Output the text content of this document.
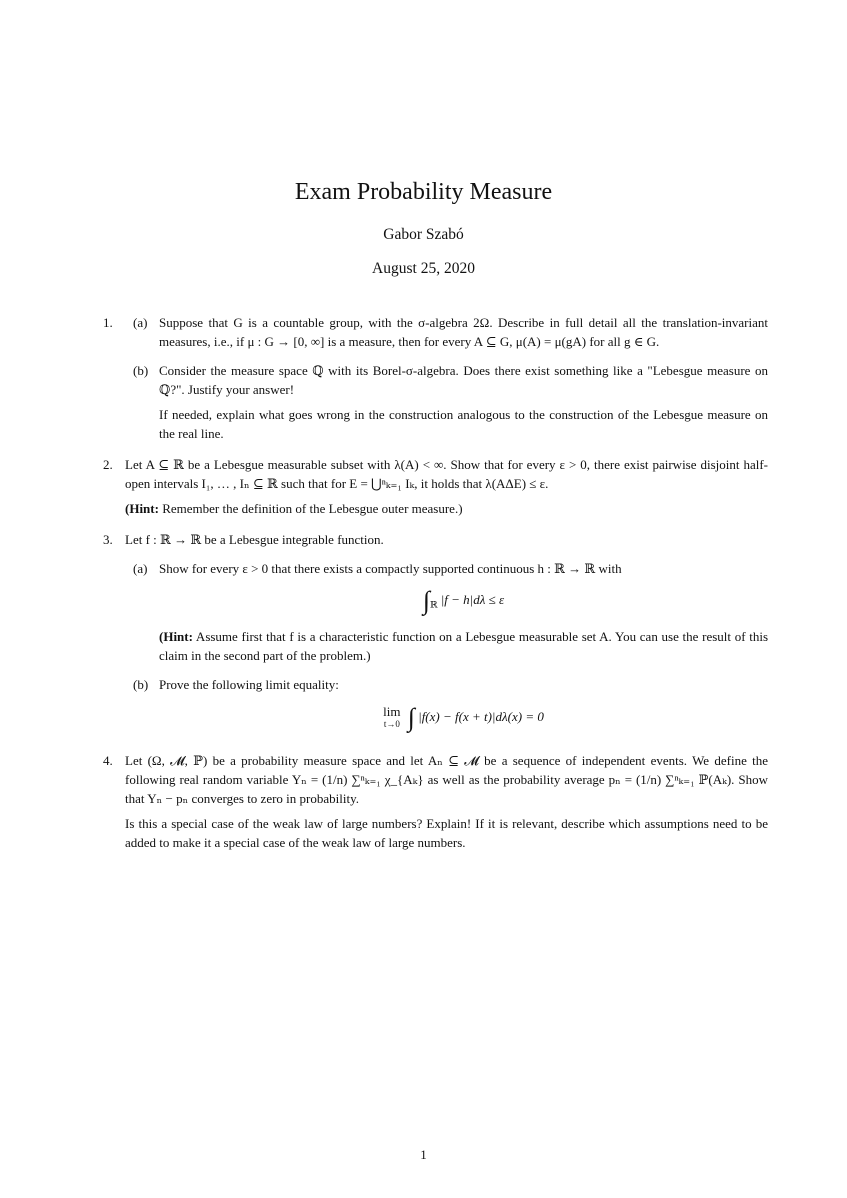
Exam Probability Measure
Gabor Szabó
August 25, 2020
1.	(a) Suppose that G is a countable group, with the σ-algebra 2Ω. Describe in full detail all the translation-invariant measures, i.e., if μ : G → [0, ∞] is a measure, then for every A ⊆ G, μ(A) = μ(gA) for all g ∈ G.

(b) Consider the measure space ℚ with its Borel-σ-algebra. Does there exist something like a "Lebesgue measure on ℚ?". Justify your answer!

If needed, explain what goes wrong in the construction analogous to the construction of the Lebesgue measure on the real line.

2. Let A ⊆ ℝ be a Lebesgue measurable subset with λ(A) < ∞. Show that for every ε > 0, there exist pairwise disjoint half-open intervals I₁, … , Iₙ ⊆ ℝ such that for E = ⋃ⁿₖ₌₁ Iₖ, it holds that λ(AΔE) ≤ ε.

(Hint: Remember the definition of the Lebesgue outer measure.)

3. Let f : ℝ → ℝ be a Lebesgue integrable function.

(a) Show for every ε > 0 that there exists a compactly supported continuous h : ℝ → ℝ with

$\int_ℝ$ |f − h|dλ ≤ ε

(Hint: Assume first that f is a characteristic function on a Lebesgue measurable set A. You can use the result of this claim in the second part of the problem.)

(b) Prove the following limit equality:

lim
t→0 ∫ |f(x) − f(x + t)|dλ(x) = 0
4. Let (Ω, 𝓜, ℙ) be a probability measure space and let Aₙ ⊆ 𝓜 be a sequence of independent events. We define the following real random variable Yₙ = (1/n) ∑ⁿₖ₌₁ χ_{Aₖ} as well as the probability average pₙ = (1/n) ∑ⁿₖ₌₁ ℙ(Aₖ). Show that Yₙ − pₙ converges to zero in probability.

Is this a special case of the weak law of large numbers? Explain! If it is relevant, describe which assumptions need to be added to make it a special case of the weak law of large numbers.

1
